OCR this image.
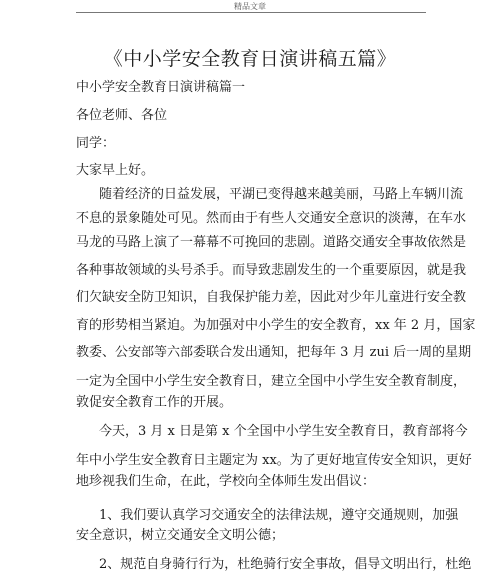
精品文章
《中小学安全教育日演讲稿五篇》
中小学安全教育日演讲稿篇一
各位老师、各位
同学：
大家早上好。
随着经济的日益发展，平湖已变得越来越美丽，马路上车辆川流
不息的景象随处可见。然而由于有些人交通安全意识的淡薄，在车水
马龙的马路上演了一幕幕不可挽回的悲剧。道路交通安全事故依然是
各种事故领域的头号杀手。而导致悲剧发生的一个重要原因，就是我
们欠缺安全防卫知识，自我保护能力差，因此对少年儿童进行安全教
育的形势相当紧迫。为加强对中小学生的安全教育，xx 年 2 月，国家
教委、公安部等六部委联合发出通知，把每年 3 月 zui 后一周的星期
一定为全国中小学生安全教育日，建立全国中小学生安全教育制度，
敦促安全教育工作的开展。
今天，3 月 x 日是第 x 个全国中小学生安全教育日，教育部将今
年中小学生安全教育日主题定为 xx。为了更好地宣传安全知识，更好
地珍视我们生命，在此，学校向全体师生发出倡议：
1、我们要认真学习交通安全的法律法规，遵守交通规则，加强
安全意识，树立交通安全文明公德；
2、规范自身骑行行为，杜绝骑行安全事故，倡导文明出行，杜绝
